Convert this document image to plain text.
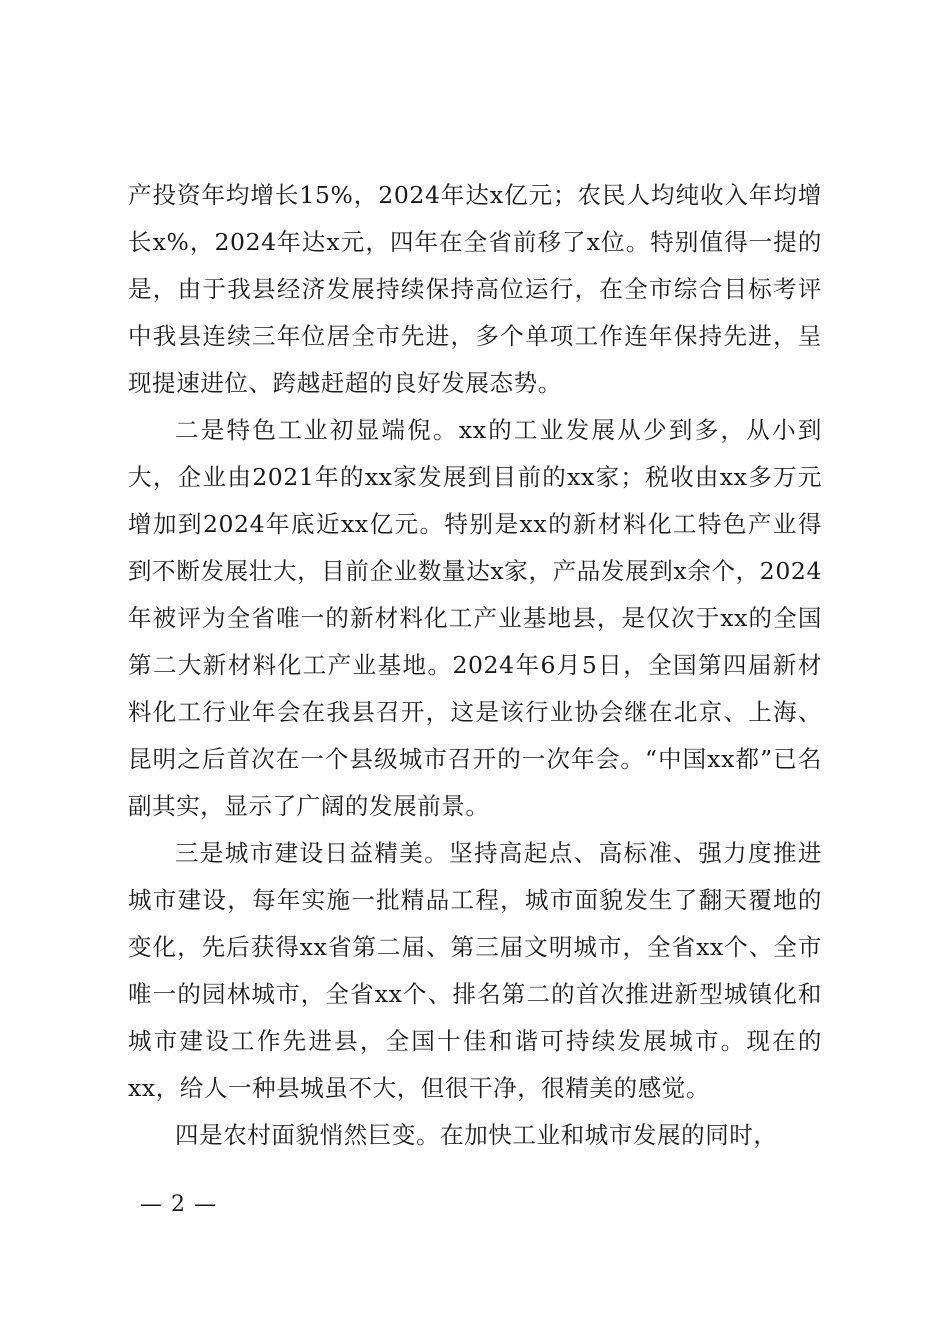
产投资年均增长15%，2024年达x亿元；农民人均纯收入年均增长x%，2024年达x元，四年在全省前移了x位。特别值得一提的是，由于我县经济发展持续保持高位运行，在全市综合目标考评中我县连续三年位居全市先进，多个单项工作连年保持先进，呈现提速进位、跨越赶超的良好发展态势。

二是特色工业初显端倪。xx的工业发展从少到多，从小到大，企业由2021年的xx家发展到目前的xx家；税收由xx多万元增加到2024年底近xx亿元。特别是xx的新材料化工特色产业得到不断发展壮大，目前企业数量达x家，产品发展到x余个，2024年被评为全省唯一的新材料化工产业基地县，是仅次于xx的全国第二大新材料化工产业基地。2024年6月5日，全国第四届新材料化工行业年会在我县召开，这是该行业协会继在北京、上海、昆明之后首次在一个县级城市召开的一次年会。“中国xx都”已名副其实，显示了广阔的发展前景。

三是城市建设日益精美。坚持高起点、高标准、强力度推进城市建设，每年实施一批精品工程，城市面貌发生了翻天覆地的变化，先后获得xx省第二届、第三届文明城市，全省xx个、全市唯一的园林城市，全省xx个、排名第二的首次推进新型城镇化和城市建设工作先进县，全国十佳和谐可持续发展城市。现在的xx，给人一种县城虽不大，但很干净，很精美的感觉。

四是农村面貌悄然巨变。在加快工业和城市发展的同时，

— 2 —
